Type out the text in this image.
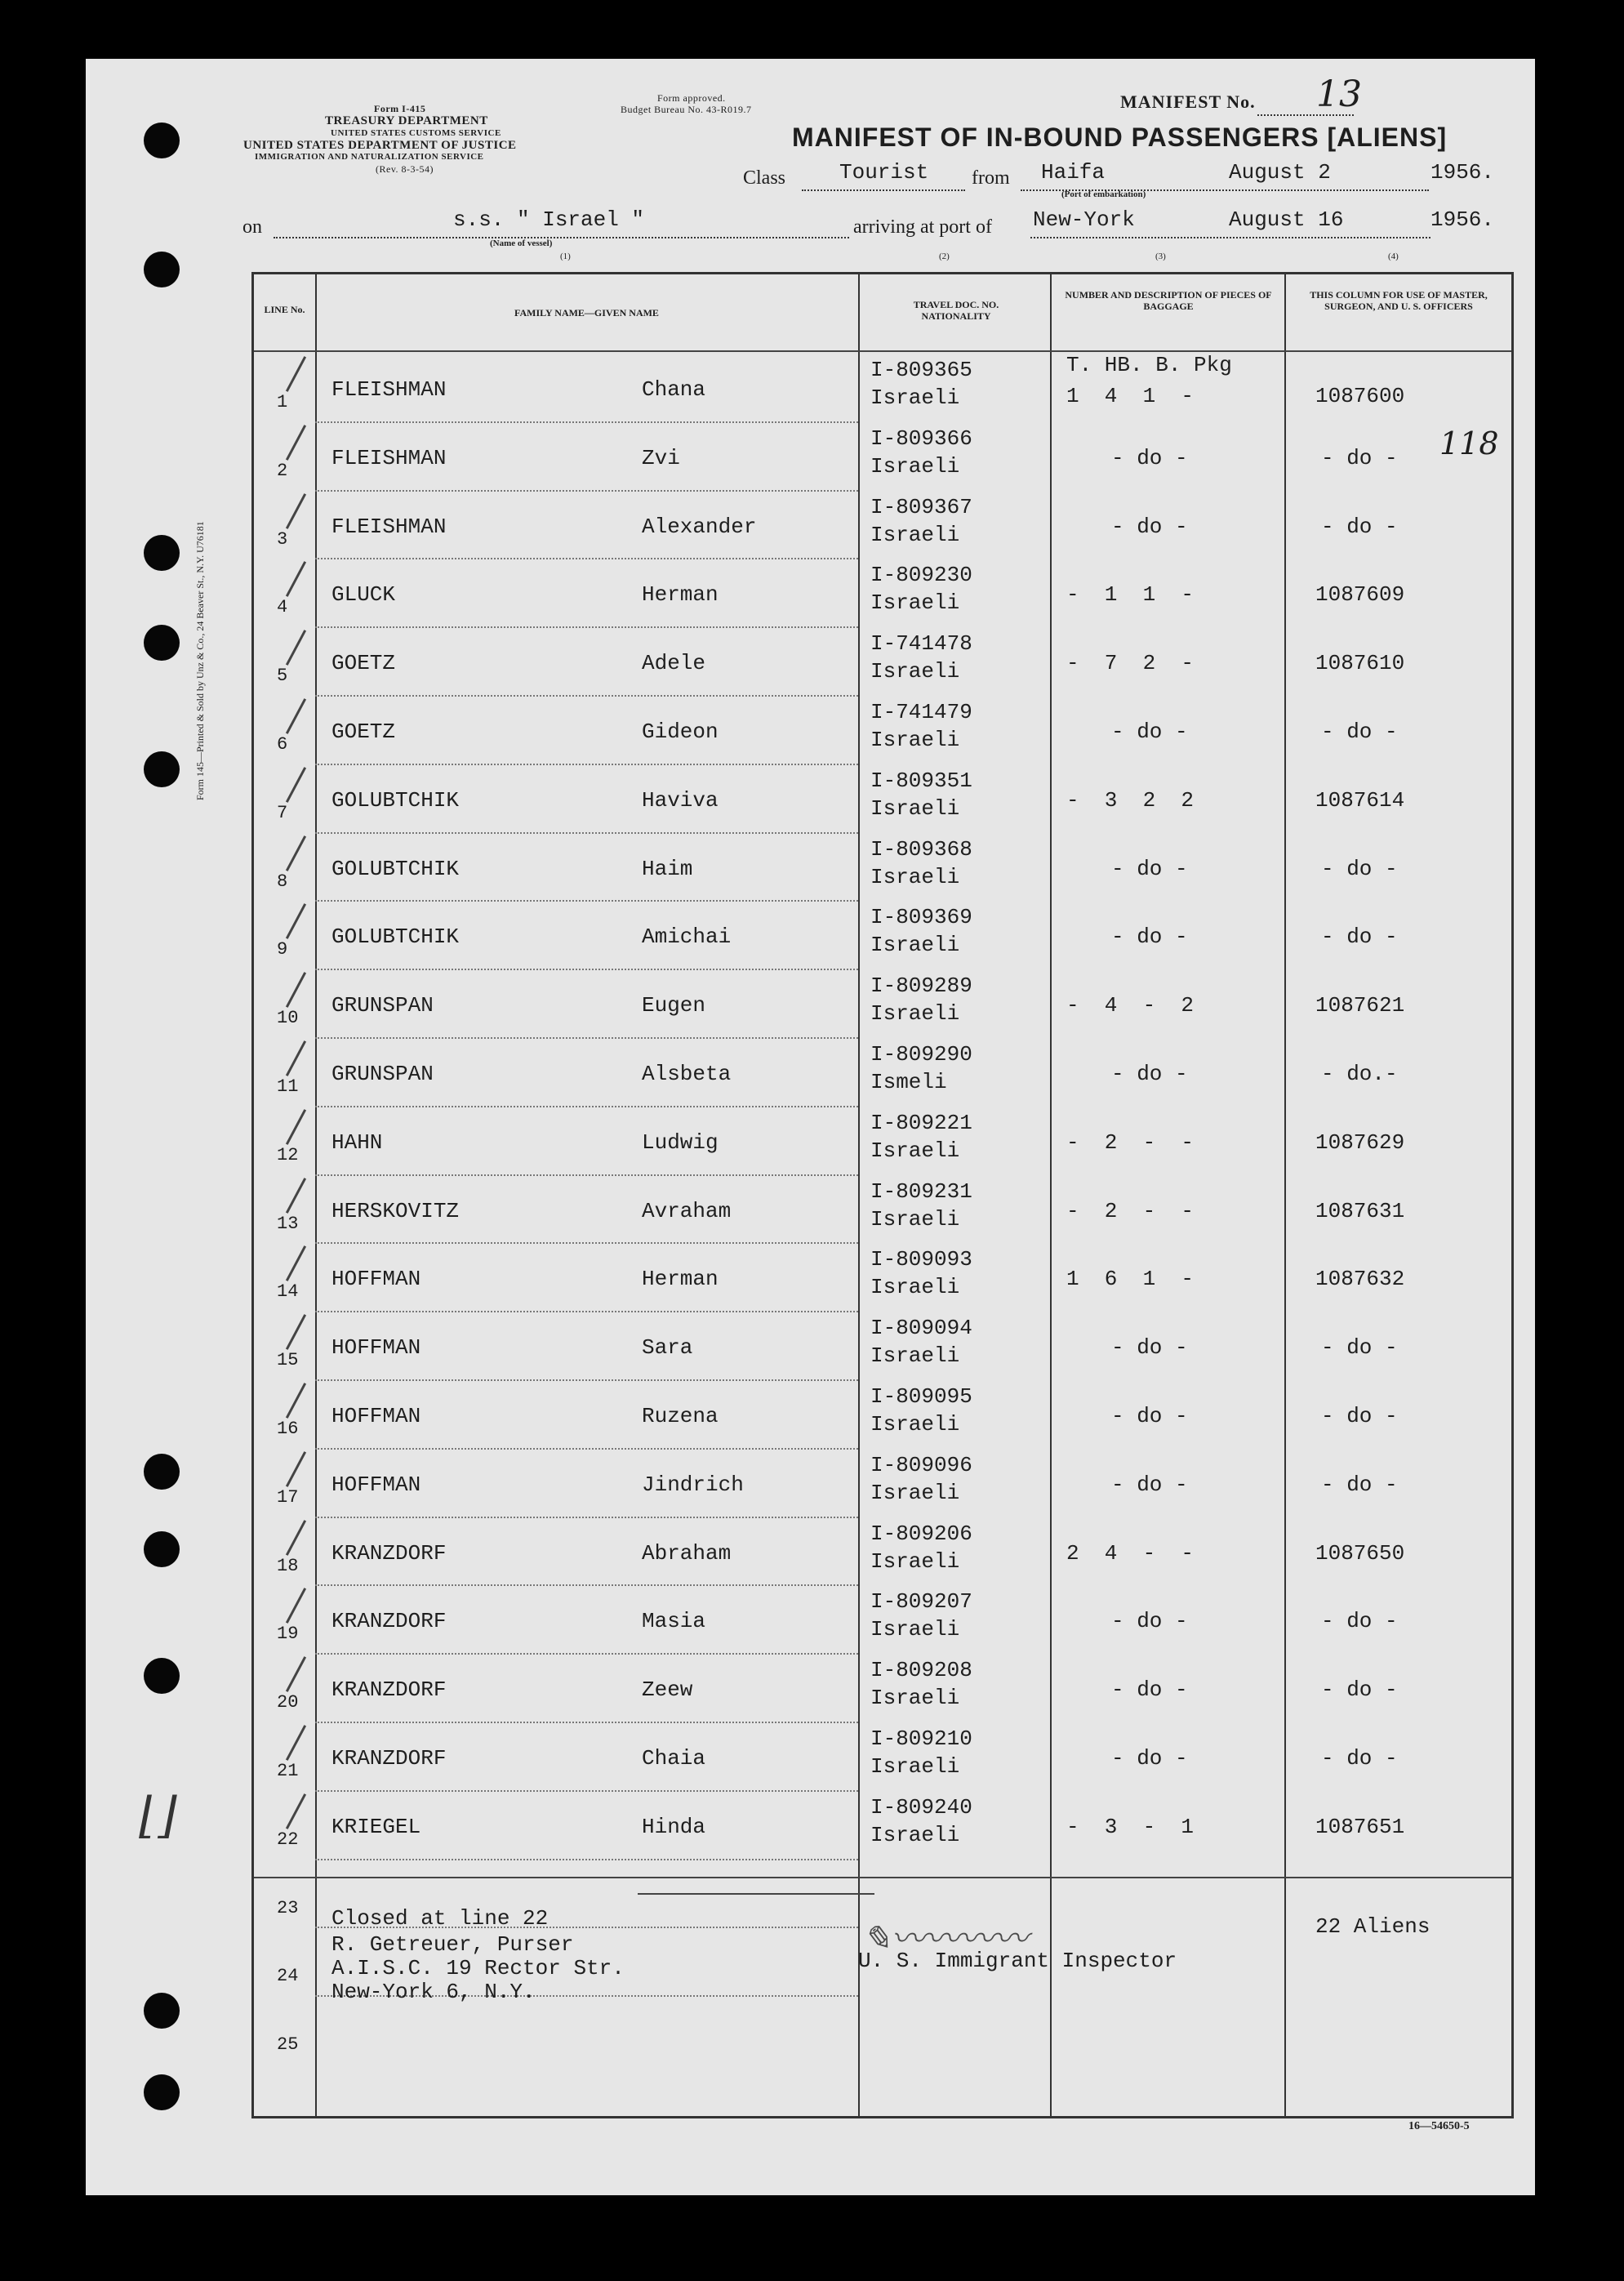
Form 145—Printed & Sold by Unz & Co., 24 Beaver St., N.Y. U76181
Form I-415
TREASURY DEPARTMENT
UNITED STATES CUSTOMS SERVICE
UNITED STATES DEPARTMENT OF JUSTICE
IMMIGRATION AND NATURALIZATION SERVICE
(Rev. 8-3-54)
Form approved.
Budget Bureau No. 43-R019.7	MANIFEST No. 13
MANIFEST OF IN-BOUND PASSENGERS [ALIENS]
Class	Tourist from Haifa
(Port of embarkation)
August 2	1956.
on	s.s. " Israel "
(Name of vessel)
(1)
arriving at port of New-York	August 16	1956.
(2)	(3)	(4)
LINE No.	FAMILY NAME—GIVEN NAME
TRAVEL DOC. NO. NATIONALITY
NUMBER AND DESCRIPTION OF PIECES OF BAGGAGE
THIS COLUMN FOR USE OF MASTER, SURGEON, AND U. S. OFFICERS
T. HB. B. Pkg
1
FLEISHMAN	Chana
I-809365
Israeli	1  4  1  -	1087600
2
FLEISHMAN	Zvi
I-809366
Israeli	- do -	- do -
3
FLEISHMAN	Alexander
I-809367
Israeli	- do -	- do -
4
GLUCK	Herman
I-809230
Israeli	-  1  1  -	1087609
5
GOETZ	Adele
I-741478
Israeli	-  7  2  -	1087610
6
GOETZ	Gideon
I-741479
Israeli	- do -	- do -
7
GOLUBTCHIK	Haviva
I-809351
Israeli	-  3  2  2	1087614
8
GOLUBTCHIK	Haim
I-809368
Israeli	- do -	- do -
9
GOLUBTCHIK	Amichai
I-809369
Israeli	- do -	- do -
10
GRUNSPAN	Eugen
I-809289
Israeli	-  4  -  2	1087621
11
GRUNSPAN	Alsbeta
I-809290
Ismeli	- do -	- do.-
12
HAHN	Ludwig
I-809221
Israeli	-  2  -  -	1087629
13
HERSKOVITZ	Avraham
I-809231
Israeli	-  2  -  -	1087631
14
HOFFMAN	Herman
I-809093
Israeli	1  6  1  -	1087632
15
HOFFMAN	Sara
I-809094
Israeli	- do -	- do -
16
HOFFMAN	Ruzena
I-809095
Israeli	- do -	- do -
17
HOFFMAN	Jindrich
I-809096
Israeli	- do -	- do -
18
KRANZDORF	Abraham
I-809206
Israeli	2  4  -  -	1087650
19
KRANZDORF	Masia
I-809207
Israeli	- do -	- do -
20
KRANZDORF	Zeew
I-809208
Israeli	- do -	- do -
21
KRANZDORF	Chaia
I-809210
Israeli	- do -	- do -
22
KRIEGEL	Hinda
I-809240
Israeli	-  3  -  1	1087651
23
24
25
Closed at line 22
R. Getreuer, Purser
A.I.S.C. 19 Rector Str.
New-York 6, N.Y.
U. S. Immigrant Inspector
✎〰〰〰〰	22 Aliens
118
⌊⌋
16—54650-5
